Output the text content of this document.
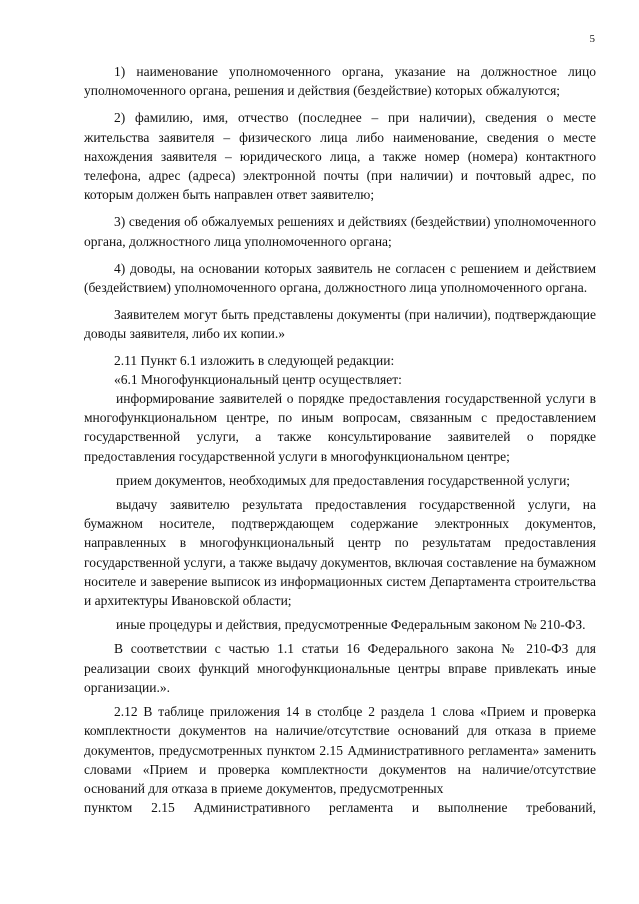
5

1) наименование уполномоченного органа, указание на должностное лицо уполномоченного органа, решения и действия (бездействие) которых обжалуются;

2) фамилию, имя, отчество (последнее – при наличии), сведения о месте жительства заявителя – физического лица либо наименование, сведения о месте нахождения заявителя – юридического лица, а также номер (номера) контактного телефона, адрес (адреса) электронной почты (при наличии) и почтовый адрес, по которым должен быть направлен ответ заявителю;

3) сведения об обжалуемых решениях и действиях (бездействии) уполномоченного органа, должностного лица уполномоченного органа;

4) доводы, на основании которых заявитель не согласен с решением и действием (бездействием) уполномоченного органа, должностного лица уполномоченного органа.

Заявителем могут быть представлены документы (при наличии), подтверждающие доводы заявителя, либо их копии.»

2.11 Пункт 6.1 изложить в следующей редакции:

«6.1 Многофункциональный центр осуществляет:

информирование заявителей о порядке предоставления государственной услуги в многофункциональном центре, по иным вопросам, связанным с предоставлением государственной услуги, а также консультирование заявителей о порядке предоставления государственной услуги в многофункциональном центре;

прием документов, необходимых для предоставления государственной услуги;

выдачу заявителю результата предоставления государственной услуги, на бумажном носителе, подтверждающем содержание электронных документов, направленных в многофункциональный центр по результатам предоставления государственной услуги, а также выдачу документов, включая составление на бумажном носителе и заверение выписок из информационных систем Департамента строительства и архитектуры Ивановской области;

иные процедуры и действия, предусмотренные Федеральным законом № 210-ФЗ.

В соответствии с частью 1.1 статьи 16 Федерального закона № 210-ФЗ для реализации своих функций многофункциональные центры вправе привлекать иные организации.».

2.12 В таблице приложения 14 в столбце 2 раздела 1 слова «Прием и проверка комплектности документов на наличие/отсутствие оснований для отказа в приеме документов, предусмотренных пунктом 2.15 Административного регламента» заменить словами «Прием и проверка комплектности документов на наличие/отсутствие оснований для отказа в приеме документов, предусмотренных

пунктом 2.15 Административного регламента и выполнение требований,
